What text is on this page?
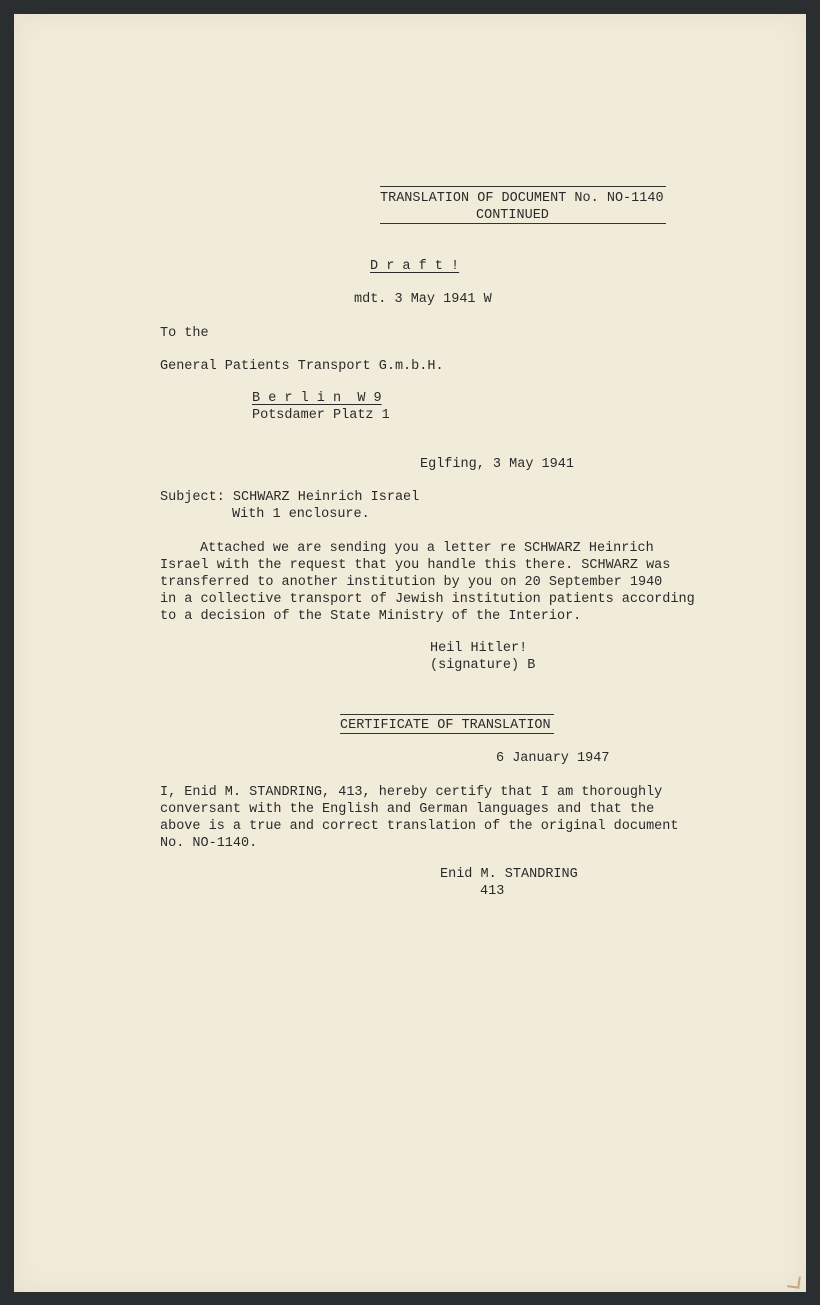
TRANSLATION OF DOCUMENT No. NO-1140

CONTINUED

D r a f t !

mdt. 3 May 1941 W

To the

General Patients Transport G.m.b.H.

B e r l i n  W 9

Potsdamer Platz 1

Eglfing, 3 May 1941

Subject: SCHWARZ Heinrich Israel

With 1 enclosure.

Attached we are sending you a letter re SCHWARZ Heinrich

Israel with the request that you handle this there. SCHWARZ was

transferred to another institution by you on 20 September 1940

in a collective transport of Jewish institution patients according

to a decision of the State Ministry of the Interior.

Heil Hitler!

(signature) B

CERTIFICATE OF TRANSLATION

6 January 1947

I, Enid M. STANDRING, 413, hereby certify that I am thoroughly

conversant with the English and German languages and that the

above is a true and correct translation of the original document

No. NO-1140.

Enid M. STANDRING

413
